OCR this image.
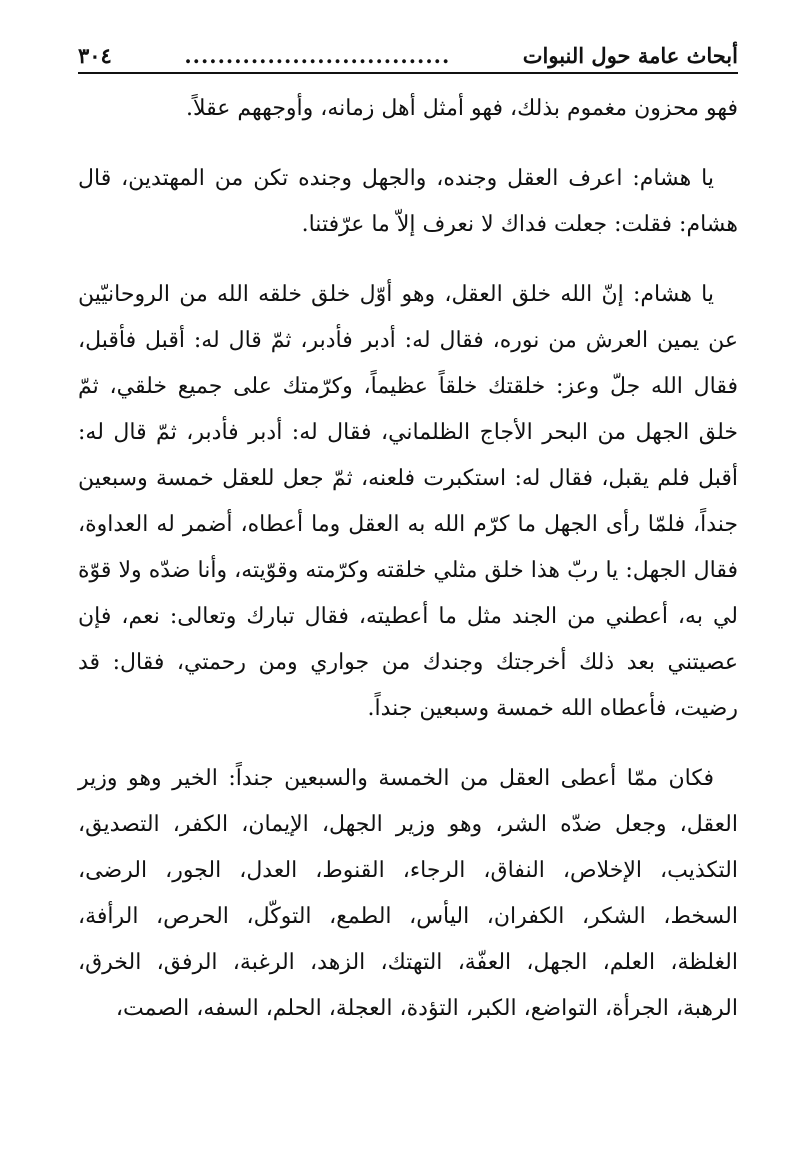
٣٠٤	................................	أبحاث عامة حول النبوات

فهو محزون مغموم بذلك، فهو أمثل أهل زمانه، وأوجههم عقلاً.

يا هشام: اعرف العقل وجنده، والجهل وجنده تكن من المهتدين، قال هشام: فقلت: جعلت فداك لا نعرف إلاّ ما عرّفتنا.

يا هشام: إنّ الله خلق العقل، وهو أوّل خلق خلقه الله من الروحانيّين عن يمين العرش من نوره، فقال له: أدبر فأدبر، ثمّ قال له: أقبل فأقبل، فقال الله جلّ وعز: خلقتك خلقاً عظيماً، وكرّمتك على جميع خلقي، ثمّ خلق الجهل من البحر الأجاج الظلماني، فقال له: أدبر فأدبر، ثمّ قال له: أقبل فلم يقبل، فقال له: استكبرت فلعنه، ثمّ جعل للعقل خمسة وسبعين جنداً، فلمّا رأى الجهل ما كرّم الله به العقل وما أعطاه، أضمر له العداوة، فقال الجهل: يا ربّ هذا خلق مثلي خلقته وكرّمته وقوّيته، وأنا ضدّه ولا قوّة لي به، أعطني من الجند مثل ما أعطيته، فقال تبارك وتعالى: نعم، فإن عصيتني بعد ذلك أخرجتك وجندك من جواري ومن رحمتي، فقال: قد رضيت، فأعطاه الله خمسة وسبعين جنداً.

فكان ممّا أعطى العقل من الخمسة والسبعين جنداً: الخير وهو وزير العقل، وجعل ضدّه الشر، وهو وزير الجهل، الإيمان، الكفر، التصديق، التكذيب، الإخلاص، النفاق، الرجاء، القنوط، العدل، الجور، الرضى، السخط، الشكر، الكفران، اليأس، الطمع، التوكّل، الحرص، الرأفة، الغلظة، العلم، الجهل، العفّة، التهتك، الزهد، الرغبة، الرفق، الخرق، الرهبة، الجرأة، التواضع، الكبر، التؤدة، العجلة، الحلم، السفه، الصمت،
